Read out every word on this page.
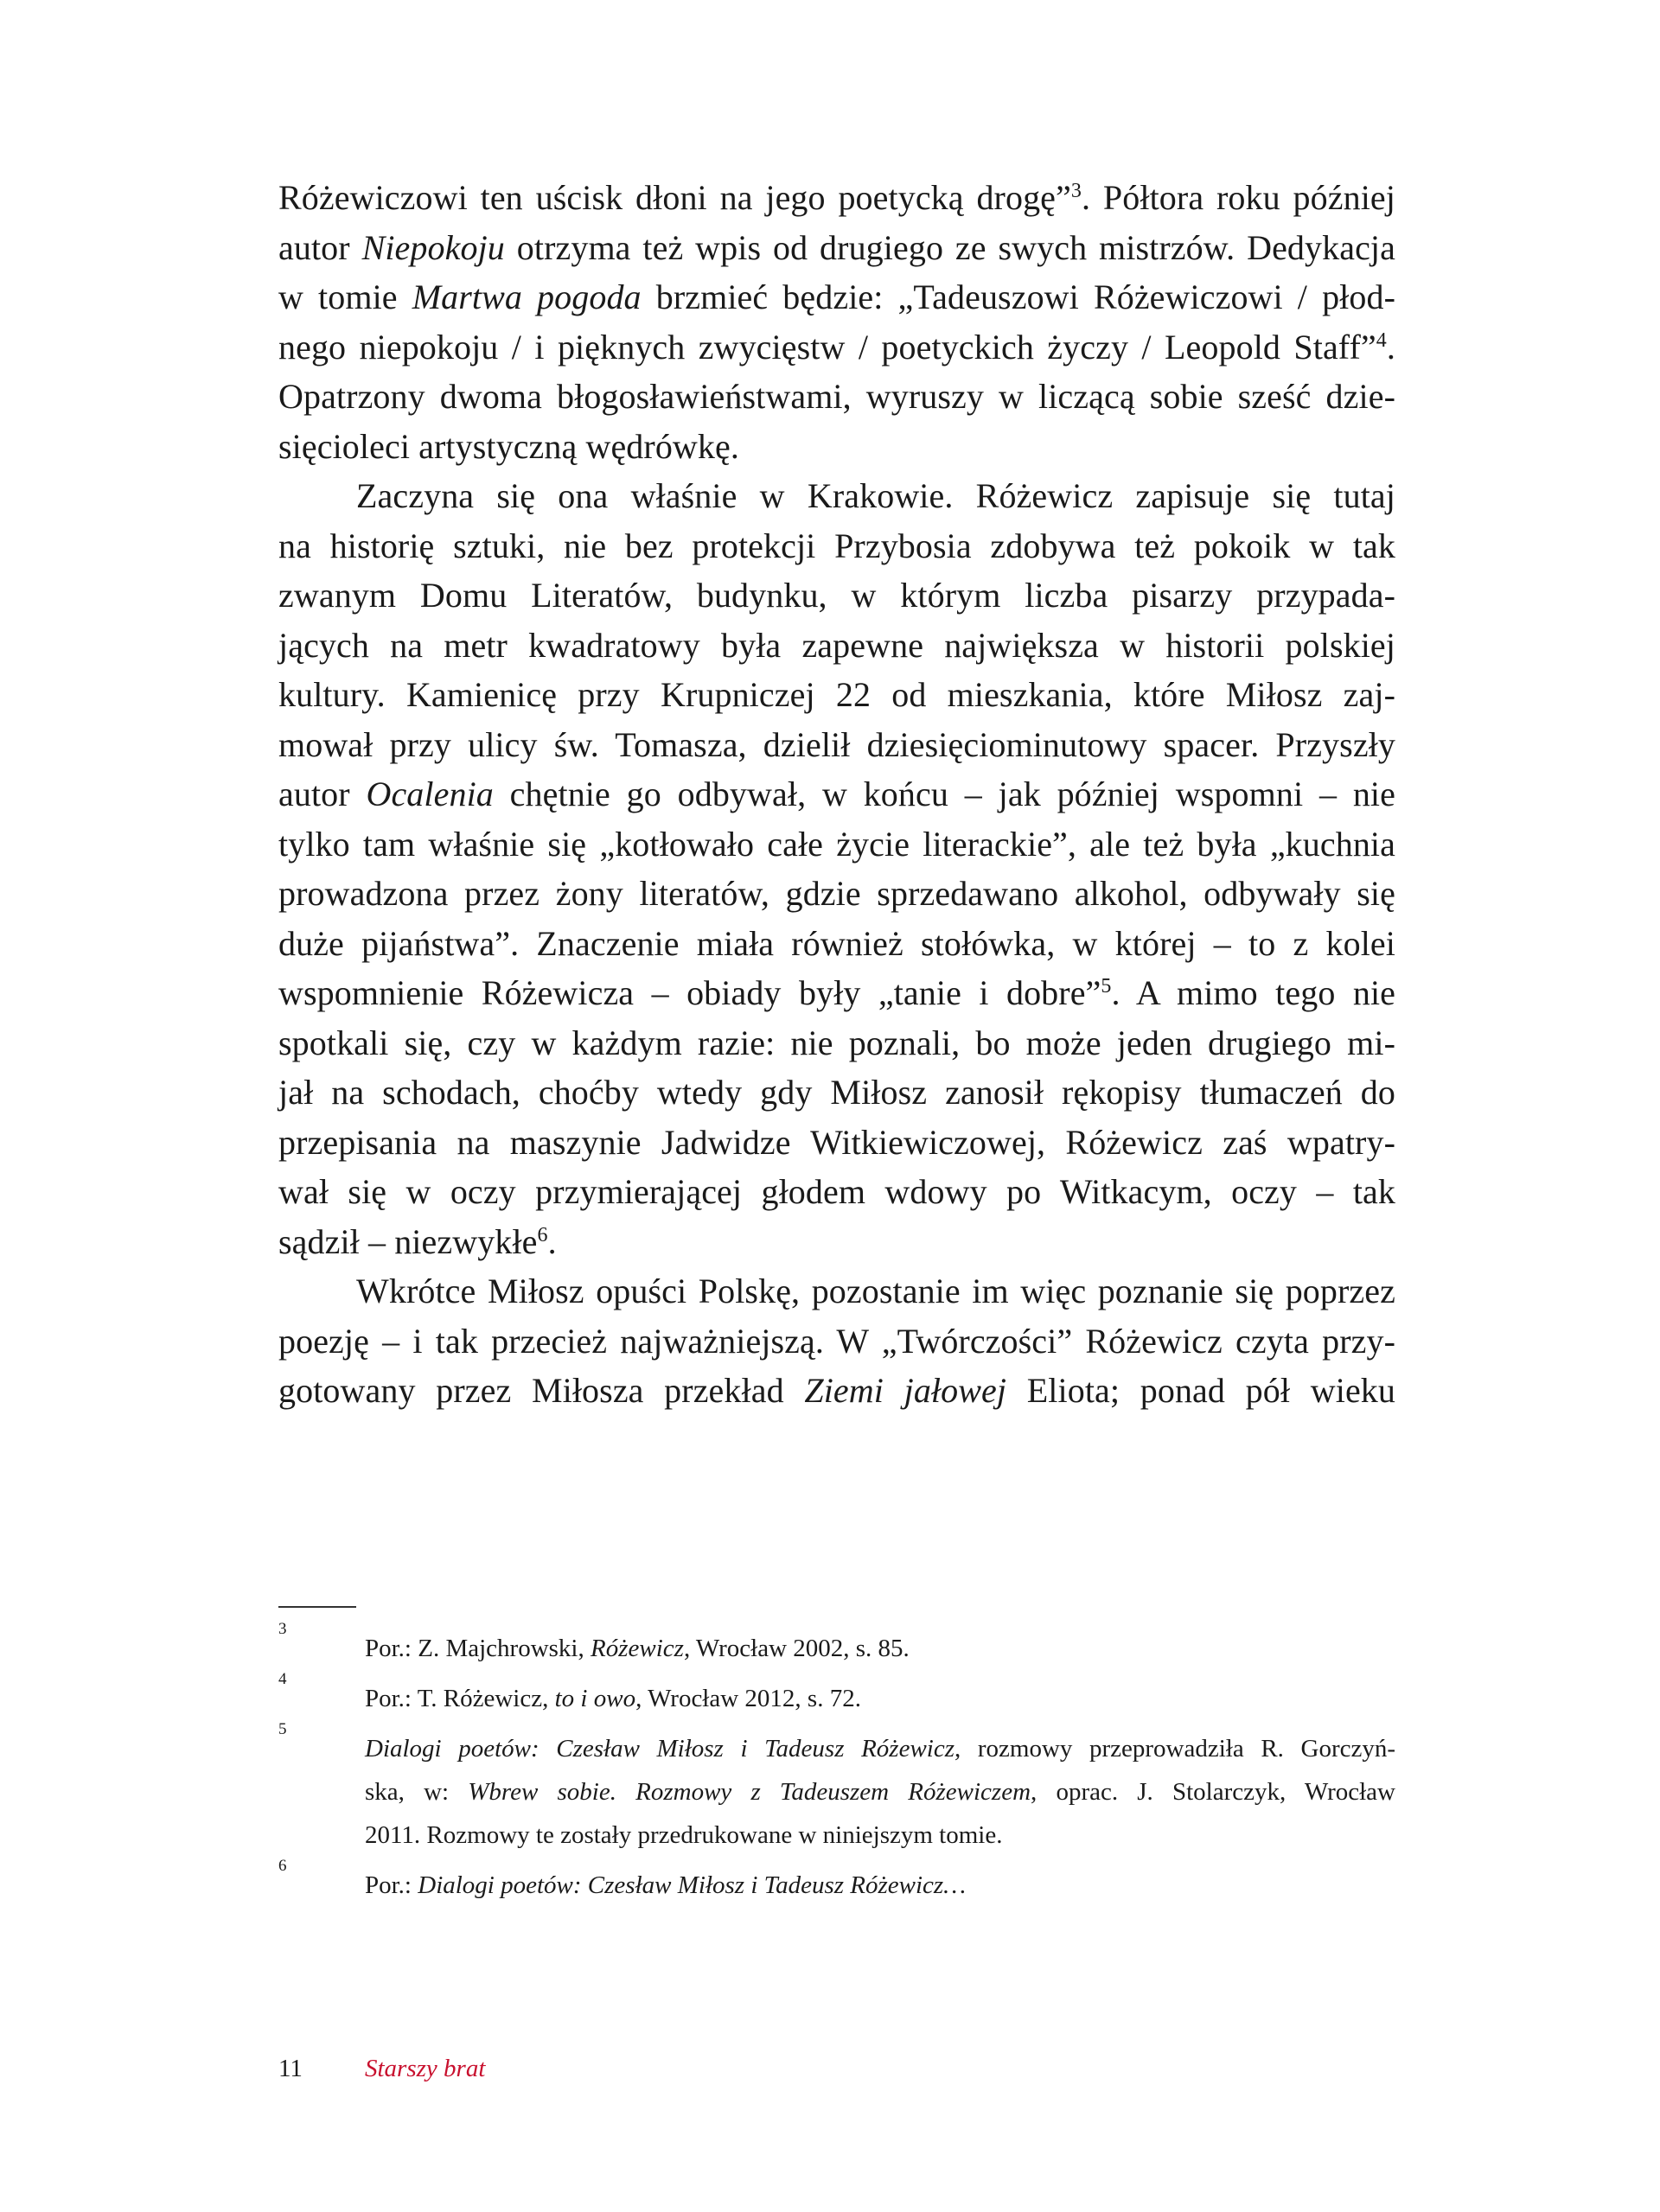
Różewiczowi ten uścisk dłoni na jego poetycką drogę”$^3$. Półtora roku później
autor Niepokoju otrzyma też wpis od drugiego ze swych mistrzów. Dedykacja
w tomie Martwa pogoda brzmieć będzie: „Tadeuszowi Różewiczowi / płod-
nego niepokoju / i pięknych zwycięstw / poetyckich życzy / Leopold Staff”$^4$.
Opatrzony dwoma błogosławieństwami, wyruszy w liczącą sobie sześć dzie-
sięcioleci artystyczną wędrówkę.
Zaczyna się ona właśnie w Krakowie. Różewicz zapisuje się tutaj
na historię sztuki, nie bez protekcji Przybosia zdobywa też pokoik w tak
zwanym Domu Literatów, budynku, w którym liczba pisarzy przypada-
jących na metr kwadratowy była zapewne największa w historii polskiej
kultury. Kamienicę przy Krupniczej 22 od mieszkania, które Miłosz zaj-
mował przy ulicy św. Tomasza, dzielił dziesięciominutowy spacer. Przyszły
autor Ocalenia chętnie go odbywał, w końcu – jak później wspomni – nie
tylko tam właśnie się „kotłowało całe życie literackie”, ale też była „kuchnia
prowadzona przez żony literatów, gdzie sprzedawano alkohol, odbywały się
duże pijaństwa”. Znaczenie miała również stołówka, w której – to z kolei
wspomnienie Różewicza – obiady były „tanie i dobre”$^5$. A mimo tego nie
spotkali się, czy w każdym razie: nie poznali, bo może jeden drugiego mi-
jał na schodach, choćby wtedy gdy Miłosz zanosił rękopisy tłumaczeń do
przepisania na maszynie Jadwidze Witkiewiczowej, Różewicz zaś wpatry-
wał się w oczy przymierającej głodem wdowy po Witkacym, oczy – tak
sądził – niezwykłe$^6$.
Wkrótce Miłosz opuści Polskę, pozostanie im więc poznanie się poprzez
poezję – i tak przecież najważniejszą. W „Twórczości” Różewicz czyta przy-
gotowany przez Miłosza przekład Ziemi jałowej Eliota; ponad pół wieku
3
Por.: Z. Majchrowski, Różewicz, Wrocław 2002, s. 85.
4
Por.: T. Różewicz, to i owo, Wrocław 2012, s. 72.
5
Dialogi poetów: Czesław Miłosz i Tadeusz Różewicz, rozmowy przeprowadziła R. Gorczyń-
ska, w: Wbrew sobie. Rozmowy z Tadeuszem Różewiczem, oprac. J. Stolarczyk, Wrocław
2011. Rozmowy te zostały przedrukowane w niniejszym tomie.
6
Por.: Dialogi poetów: Czesław Miłosz i Tadeusz Różewicz…
11 Starszy brat
